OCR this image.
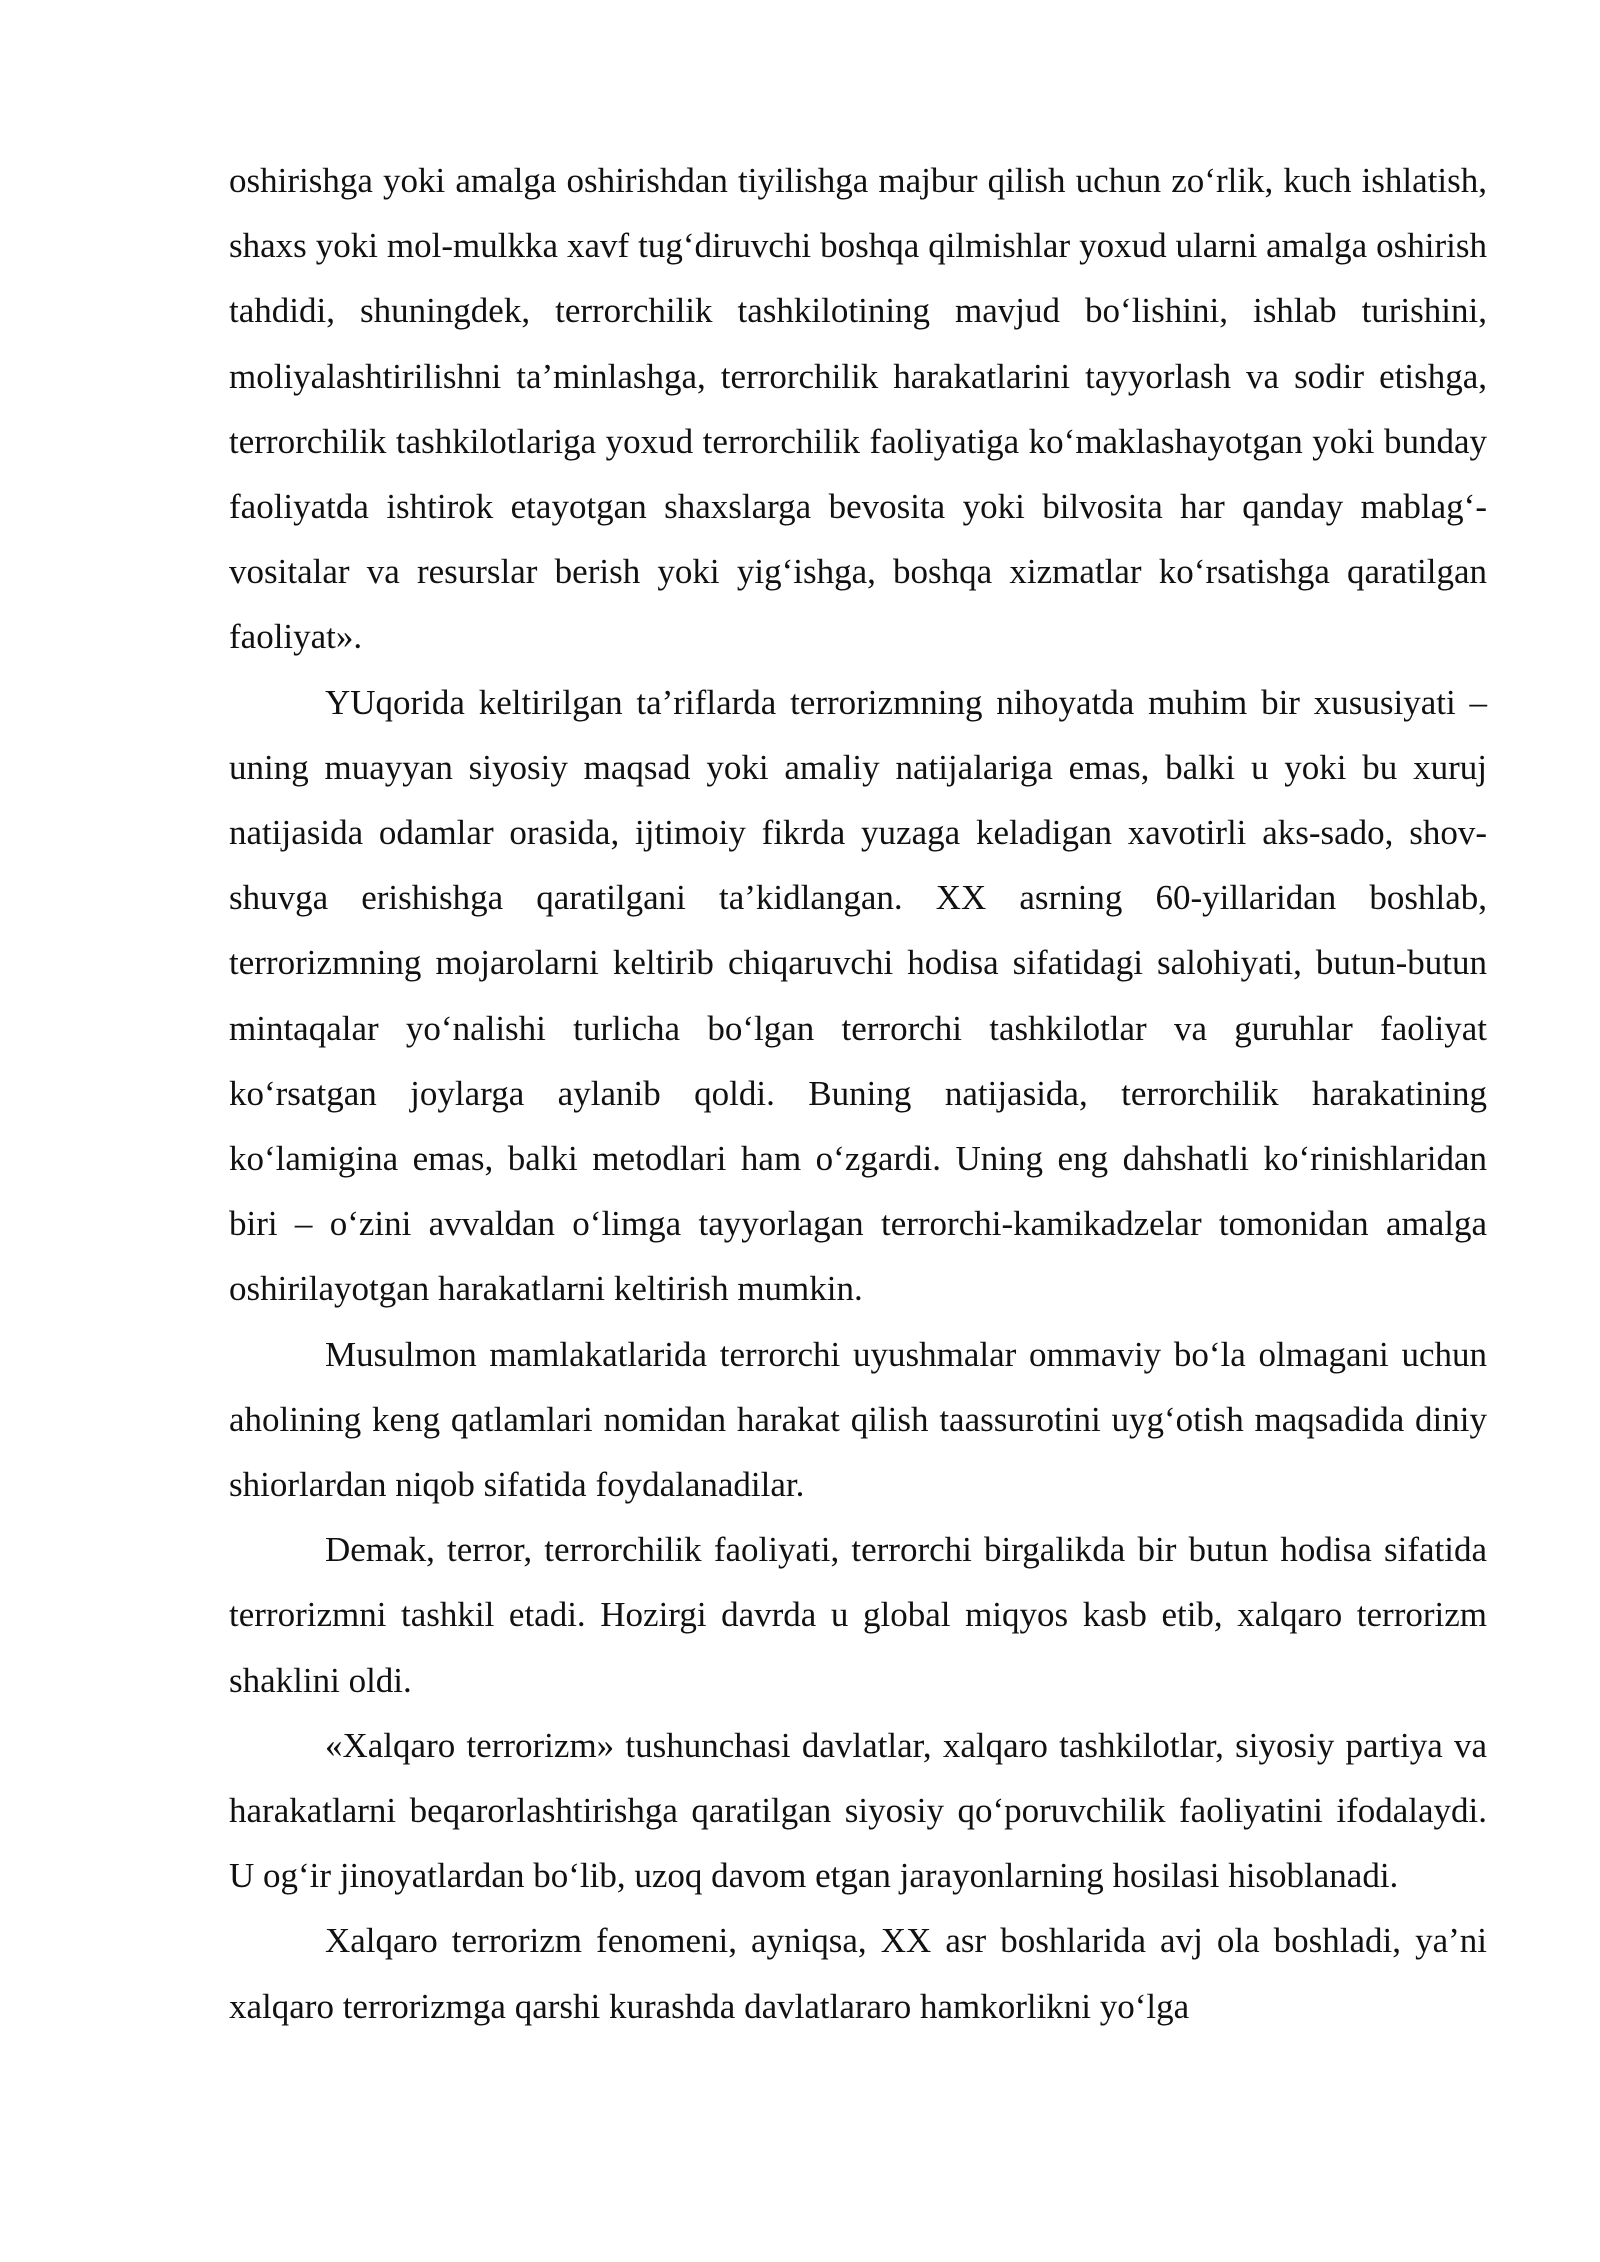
oshirishga yoki amalga oshirishdan tiyilishga majbur qilish uchun zo‘rlik, kuch ishlatish, shaxs yoki mol-mulkka xavf tug‘diruvchi boshqa qilmishlar yoxud ularni amalga oshirish tahdidi, shuningdek, terrorchilik tashkilotining mavjud bo‘lishini, ishlab turishini, moliyalashtirilishni ta’minlashga, terrorchilik harakatlarini tayyorlash va sodir etishga, terrorchilik tashkilotlariga yoxud terrorchilik faoliyatiga ko‘maklashayotgan yoki bunday faoliyatda ishtirok etayotgan shaxslarga bevosita yoki bilvosita har qanday mablag‘-vositalar va resurslar berish yoki yig‘ishga, boshqa xizmatlar ko‘rsatishga qaratilgan faoliyat».

YUqorida keltirilgan ta’riflarda terrorizmning nihoyatda muhim bir xususiyati – uning muayyan siyosiy maqsad yoki amaliy natijalariga emas, balki u yoki bu xuruj natijasida odamlar orasida, ijtimoiy fikrda yuzaga keladigan xavotirli aks-sado, shov-shuvga erishishga qaratilgani ta’kidlangan. XX asrning 60-yillaridan boshlab, terrorizmning mojarolarni keltirib chiqaruvchi hodisa sifatidagi salohiyati, butun-butun mintaqalar yo‘nalishi turlicha bo‘lgan terrorchi tashkilotlar va guruhlar faoliyat ko‘rsatgan joylarga aylanib qoldi. Buning natijasida, terrorchilik harakatining ko‘lamigina emas, balki metodlari ham o‘zgardi. Uning eng dahshatli ko‘rinishlaridan biri – o‘zini avvaldan o‘limga tayyorlagan terrorchi-kamikadzelar tomonidan amalga oshirilayotgan harakatlarni keltirish mumkin.

Musulmon mamlakatlarida terrorchi uyushmalar ommaviy bo‘la olmagani uchun aholining keng qatlamlari nomidan harakat qilish taassurotini uyg‘otish maqsadida diniy shiorlardan niqob sifatida foydalanadilar.

Demak, terror, terrorchilik faoliyati, terrorchi birgalikda bir butun hodisa sifatida terrorizmni tashkil etadi. Hozirgi davrda u global miqyos kasb etib, xalqaro terrorizm shaklini oldi.

«Xalqaro terrorizm» tushunchasi davlatlar, xalqaro tashkilotlar, siyosiy partiya va harakatlarni beqarorlashtirishga qaratilgan siyosiy qo‘poruvchilik faoliyatini ifodalaydi. U og‘ir jinoyatlardan bo‘lib, uzoq davom etgan jarayonlarning hosilasi hisoblanadi.

Xalqaro terrorizm fenomeni, ayniqsa, XX asr boshlarida avj ola boshladi, ya’ni xalqaro terrorizmga qarshi kurashda davlatlararo hamkorlikni yo‘lga
